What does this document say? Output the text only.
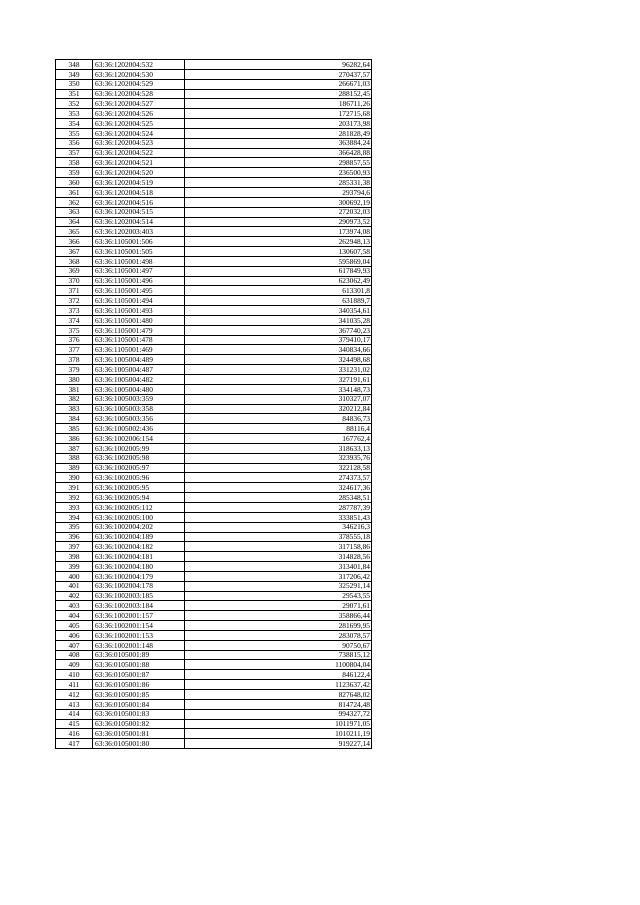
348	63:36:1202004:532	96282,64
349	63:36:1202004:530	270437,57
350	63:36:1202004:529	266671,03
351	63:36:1202004:528	288152,45
352	63:36:1202004:527	186711,26
353	63:36:1202004:526	172715,68
354	63:36:1202004:525	203173,98
355	63:36:1202004:524	281828,49
356	63:36:1202004:523	363884,24
357	63:36:1202004:522	366428,88
358	63:36:1202004:521	298857,55
359	63:36:1202004:520	236500,93
360	63:36:1202004:519	285331,38
361	63:36:1202004:518	293794,6
362	63:36:1202004:516	300692,19
363	63:36:1202004:515	272032,03
364	63:36:1202004:514	290973,52
365	63:36:1202003:403	173974,08
366	63:36:1105001:506	262948,13
367	63:36:1105001:505	130607,58
368	63:36:1105001:498	595869,04
369	63:36:1105001:497	617849,93
370	63:36:1105001:496	623062,49
371	63:36:1105001:495	613301,8
372	63:36:1105001:494	631889,7
373	63:36:1105001:493	340354,61
374	63:36:1105001:480	341035,28
375	63:36:1105001:479	367740,23
376	63:36:1105001:478	379410,17
377	63:36:1105001:469	340834,66
378	63:36:1005004:489	324498,68
379	63:36:1005004:487	331231,02
380	63:36:1005004:482	327191,61
381	63:36:1005004:480	334148,73
382	63:36:1005003:359	310327,07
383	63:36:1005003:358	320212,84
384	63:36:1005003:356	84836,73
385	63:36:1005002:436	88116,4
386	63:36:1002006:154	167762,4
387	63:36:1002005:99	318633,13
388	63:36:1002005:98	323935,76
389	63:36:1002005:97	322128,58
390	63:36:1002005:96	274373,57
391	63:36:1002005:95	324617,36
392	63:36:1002005:94	285348,51
393	63:36:1002005:112	287787,39
394	63:36:1002005:100	333851,43
395	63:36:1002004:202	346216,3
396	63:36:1002004:189	378555,18
397	63:36:1002004:182	317158,86
398	63:36:1002004:181	314828,56
399	63:36:1002004:180	313401,84
400	63:36:1002004:179	317206,42
401	63:36:1002004:178	325291,14
402	63:36:1002003:185	29543,55
403	63:36:1002003:184	29071,61
404	63:36:1002001:157	358866,44
405	63:36:1002001:154	281699,95
406	63:36:1002001:153	283078,57
407	63:36:1002001:148	90750,67
408	63:36:0105001:89	738815,12
409	63:36:0105001:88	1100804,04
410	63:36:0105001:87	846122,4
411	63:36:0105001:86	1123637,42
412	63:36:0105001:85	827648,02
413	63:36:0105001:84	814724,48
414	63:36:0105001:83	994327,72
415	63:36:0105001:82	1011971,05
416	63:36:0105001:81	1010211,19
417	63:36:0105001:80	919227,14
